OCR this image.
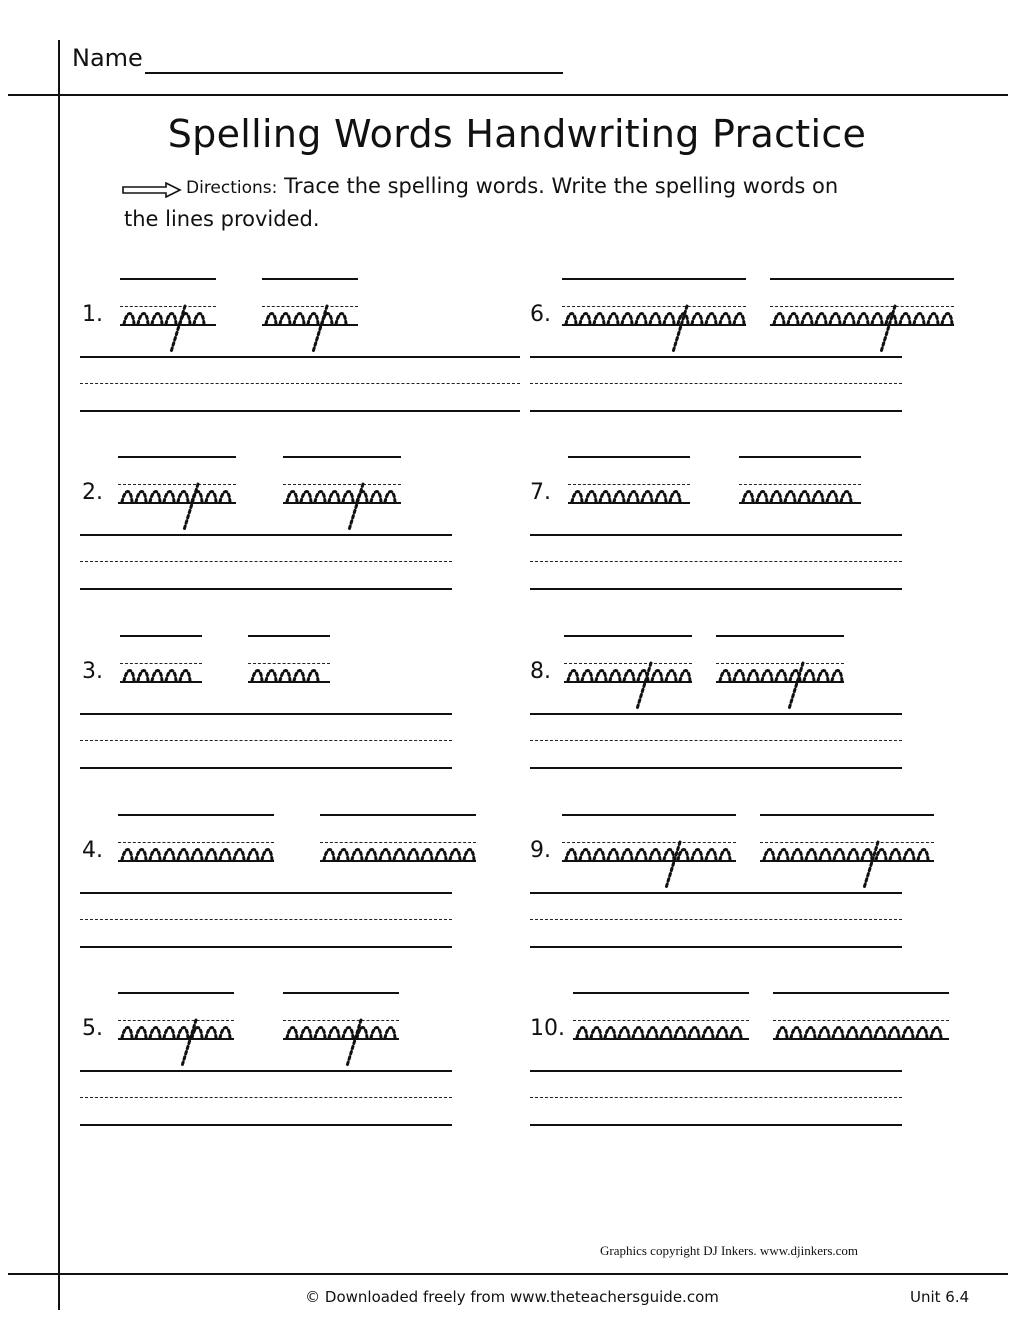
Name
Spelling Words Handwriting Practice
Directions: Trace the spelling words. Write the spelling words on
the lines provided.
1.	6.
2.	7.
3.	8.
4.	9.
5.	10.
Graphics copyright DJ Inkers. www.djinkers.com
© Downloaded freely from www.theteachersguide.com	Unit 6.4
